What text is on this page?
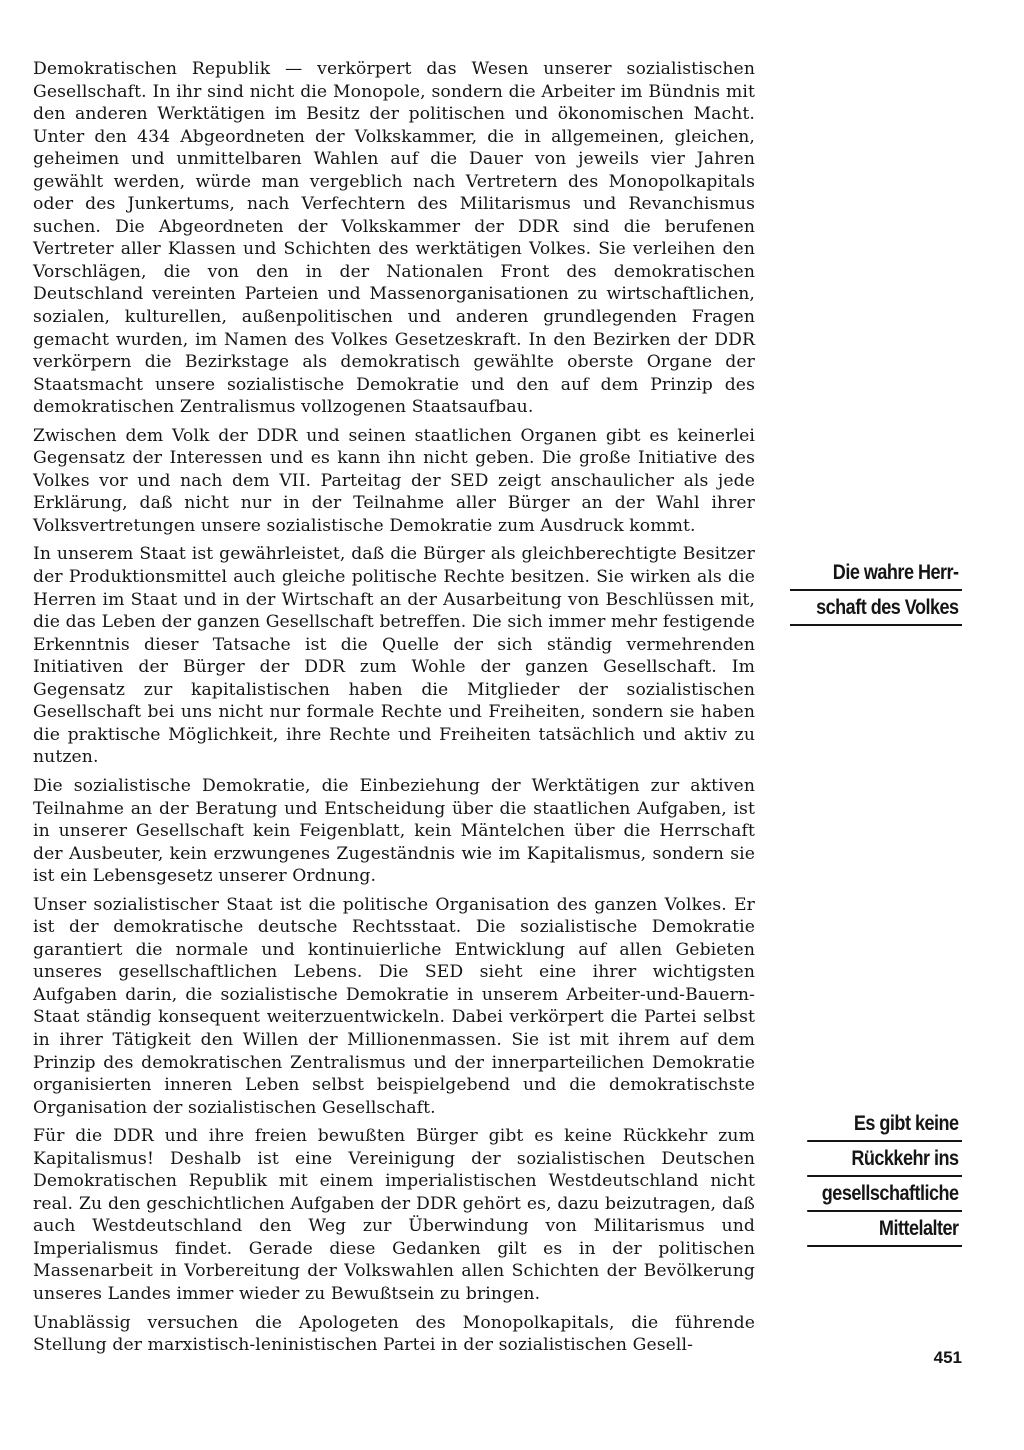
Demokratischen Republik — verkörpert das Wesen unserer sozialistischen Gesellschaft. In ihr sind nicht die Monopole, sondern die Arbeiter im Bündnis mit den anderen Werktätigen im Besitz der politischen und ökonomischen Macht. Unter den 434 Abgeordneten der Volkskammer, die in allgemeinen, gleichen, geheimen und unmittelbaren Wahlen auf die Dauer von jeweils vier Jahren gewählt werden, würde man vergeblich nach Vertretern des Monopolkapitals oder des Junkertums, nach Verfechtern des Militarismus und Revanchismus suchen. Die Abgeordneten der Volkskammer der DDR sind die berufenen Vertreter aller Klassen und Schichten des werktätigen Volkes. Sie verleihen den Vorschlägen, die von den in der Nationalen Front des demokratischen Deutschland vereinten Parteien und Massenorganisationen zu wirtschaftlichen, sozialen, kulturellen, außenpolitischen und anderen grundlegenden Fragen gemacht wurden, im Namen des Volkes Gesetzeskraft. In den Bezirken der DDR verkörpern die Bezirkstage als demokratisch gewählte oberste Organe der Staatsmacht unsere sozialistische Demokratie und den auf dem Prinzip des demokratischen Zentralismus vollzogenen Staatsaufbau.

Zwischen dem Volk der DDR und seinen staatlichen Organen gibt es keinerlei Gegensatz der Interessen und es kann ihn nicht geben. Die große Initiative des Volkes vor und nach dem VII. Parteitag der SED zeigt anschaulicher als jede Erklärung, daß nicht nur in der Teilnahme aller Bürger an der Wahl ihrer Volksvertretungen unsere sozialistische Demokratie zum Ausdruck kommt.

In unserem Staat ist gewährleistet, daß die Bürger als gleichberechtigte Besitzer der Produktionsmittel auch gleiche politische Rechte besitzen. Sie wirken als die Herren im Staat und in der Wirtschaft an der Ausarbeitung von Beschlüssen mit, die das Leben der ganzen Gesellschaft betreffen. Die sich immer mehr festigende Erkenntnis dieser Tatsache ist die Quelle der sich ständig vermehrenden Initiativen der Bürger der DDR zum Wohle der ganzen Gesellschaft. Im Gegensatz zur kapitalistischen haben die Mitglieder der sozialistischen Gesellschaft bei uns nicht nur formale Rechte und Freiheiten, sondern sie haben die praktische Möglichkeit, ihre Rechte und Freiheiten tatsächlich und aktiv zu nutzen.

Die sozialistische Demokratie, die Einbeziehung der Werktätigen zur aktiven Teilnahme an der Beratung und Entscheidung über die staatlichen Aufgaben, ist in unserer Gesellschaft kein Feigenblatt, kein Mäntelchen über die Herrschaft der Ausbeuter, kein erzwungenes Zugeständnis wie im Kapitalismus, sondern sie ist ein Lebensgesetz unserer Ordnung.

Unser sozialistischer Staat ist die politische Organisation des ganzen Volkes. Er ist der demokratische deutsche Rechtsstaat. Die sozialistische Demokratie garantiert die normale und kontinuierliche Entwicklung auf allen Gebieten unseres gesellschaftlichen Lebens. Die SED sieht eine ihrer wichtigsten Aufgaben darin, die sozialistische Demokratie in unserem Arbeiter-und-Bauern-Staat ständig konsequent weiterzuentwickeln. Dabei verkörpert die Partei selbst in ihrer Tätigkeit den Willen der Millionenmassen. Sie ist mit ihrem auf dem Prinzip des demokratischen Zentralismus und der innerparteilichen Demokratie organisierten inneren Leben selbst beispielgebend und die demokratischste Organisation der sozialistischen Gesellschaft.

Für die DDR und ihre freien bewußten Bürger gibt es keine Rückkehr zum Kapitalismus! Deshalb ist eine Vereinigung der sozialistischen Deutschen Demokratischen Republik mit einem imperialistischen Westdeutschland nicht real. Zu den geschichtlichen Aufgaben der DDR gehört es, dazu beizutragen, daß auch Westdeutschland den Weg zur Überwindung von Militarismus und Imperialismus findet. Gerade diese Gedanken gilt es in der politischen Massenarbeit in Vorbereitung der Volkswahlen allen Schichten der Bevölkerung unseres Landes immer wieder zu Bewußtsein zu bringen.

Unablässig versuchen die Apologeten des Monopolkapitals, die führende Stellung der marxistisch-leninistischen Partei in der sozialistischen Gesell-

Die wahre Herr-
schaft des Volkes
Es gibt keine
Rückkehr ins
gesellschaftliche
Mittelalter
451
